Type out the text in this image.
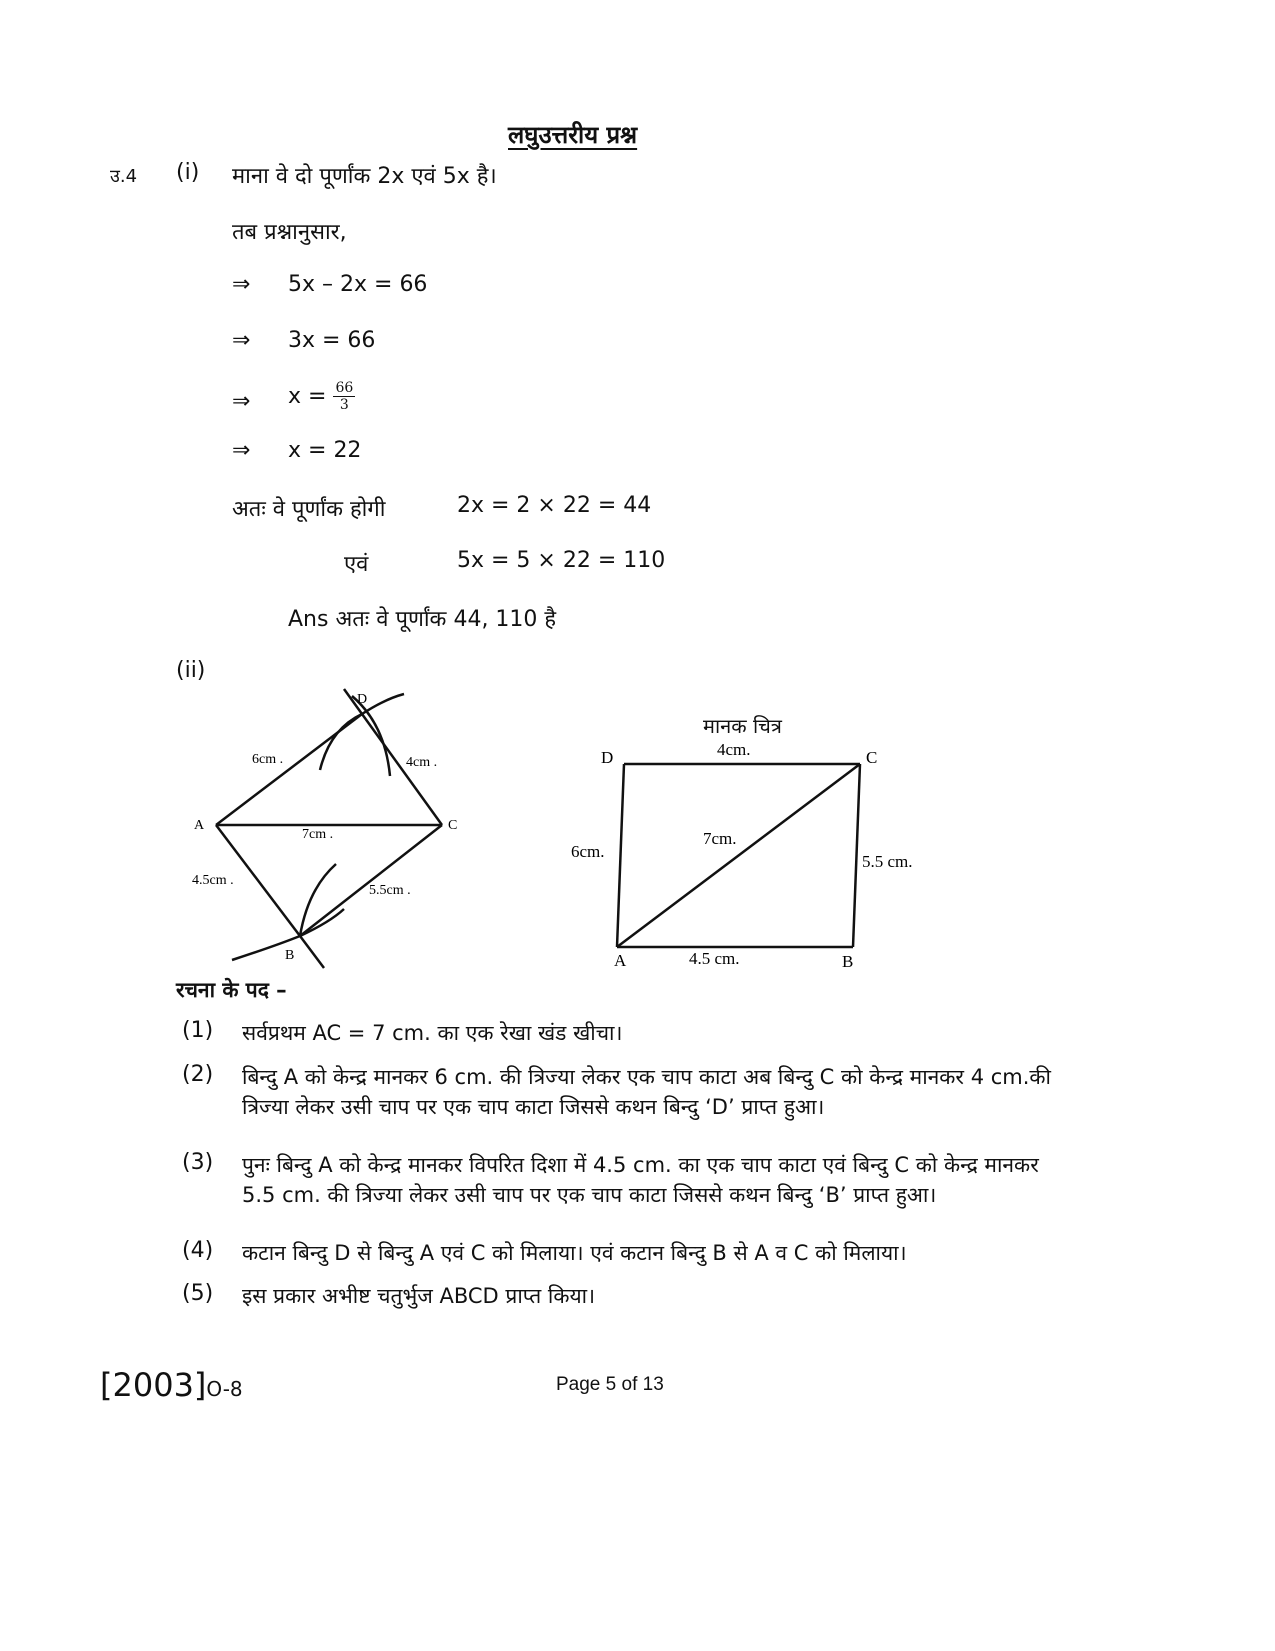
लघुउत्तरीय प्रश्न
उ.4 (i) माना वे दो पूर्णांक 2x एवं 5x है।
तब प्रश्नानुसार,
⇒ 5x – 2x = 66
⇒ 3x = 66
⇒ $x = \frac{66}{3}$
⇒ x = 22
अतः वे पूर्णांक होगी	2x = 2 × 22 = 44
एवं	5x = 5 × 22 = 110
Ans अतः वे पूर्णांक 44, 110 है
(ii)
D
A	C
B
6cm .	4cm .
7cm .
4.5cm .
5.5cm .
मानक चित्र
D	C
A	B
4cm.
6cm.
7cm.
5.5 cm.
4.5 cm.
रचना के पद –
(1) सर्वप्रथम AC = 7 cm. का एक रेखा खंड खीचा।
(2) बिन्दु A को केन्द्र मानकर 6 cm. की त्रिज्या लेकर एक चाप काटा अब बिन्दु C को केन्द्र मानकर 4 cm.की त्रिज्या लेकर उसी चाप पर एक चाप काटा जिससे कथन बिन्दु ‘D’ प्राप्त हुआ।
(3) पुनः बिन्दु A को केन्द्र मानकर विपरित दिशा में 4.5 cm. का एक चाप काटा एवं बिन्दु C को केन्द्र मानकर 5.5 cm. की त्रिज्या लेकर उसी चाप पर एक चाप काटा जिससे कथन बिन्दु ‘B’ प्राप्त हुआ।
(4) कटान बिन्दु D से बिन्दु A एवं C को मिलाया। एवं कटान बिन्दु B से A व C को मिलाया।
(5) इस प्रकार अभीष्ट चतुर्भुज ABCD प्राप्त किया।
[2003]O-8	Page 5 of 13
